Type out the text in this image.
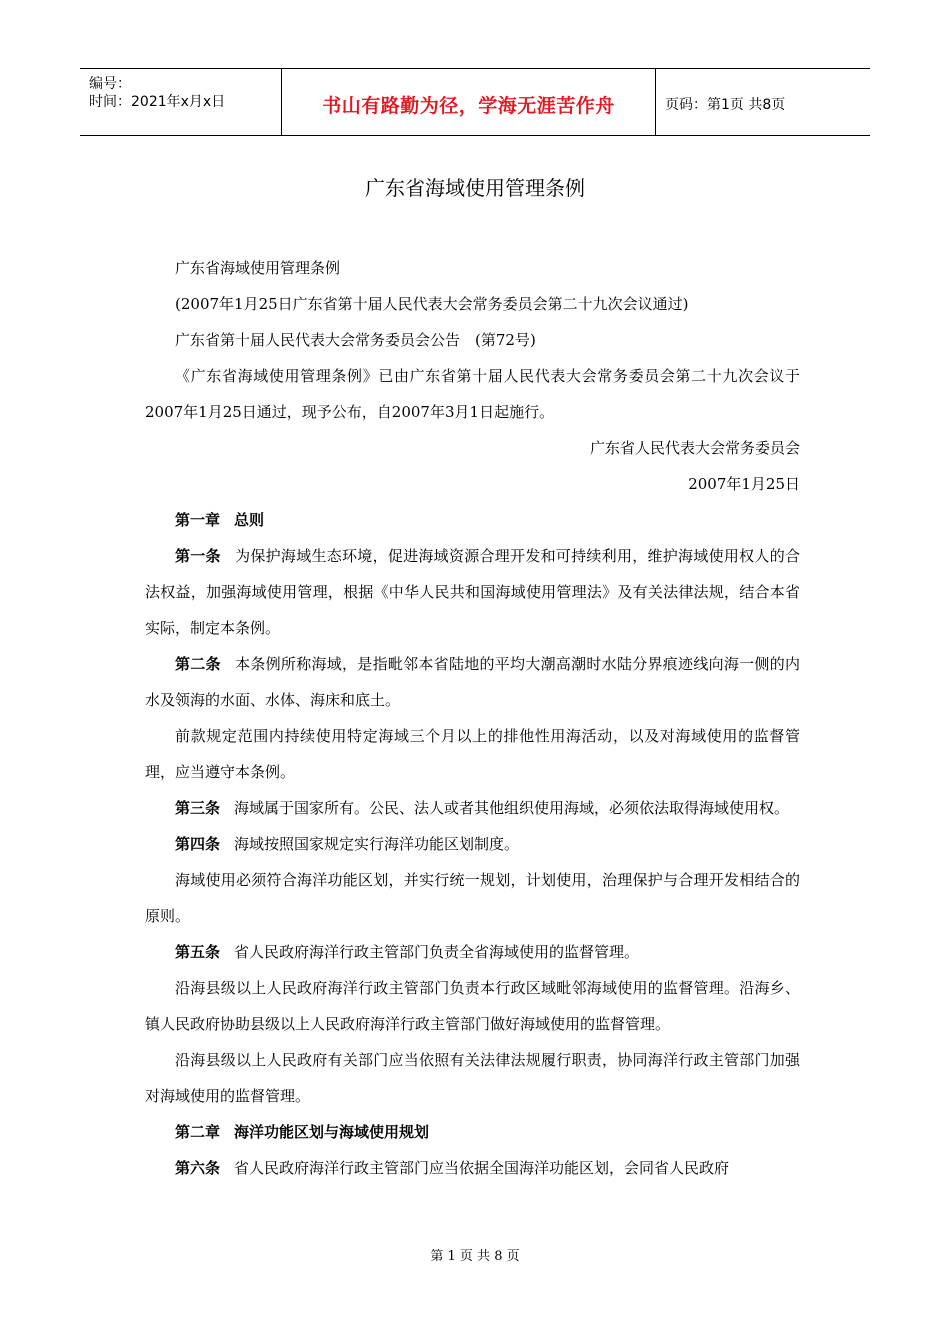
编号：
时间：2021年x月x日	书山有路勤为径，学海无涯苦作舟	页码：第1页 共8页
广东省海域使用管理条例

广东省海域使用管理条例

(2007年1月25日广东省第十届人民代表大会常务委员会第二十九次会议通过)

广东省第十届人民代表大会常务委员会公告　(第72号)

《广东省海域使用管理条例》已由广东省第十届人民代表大会常务委员会第二十九次会议于2007年1月25日通过，现予公布，自2007年3月1日起施行。

广东省人民代表大会常务委员会

2007年1月25日

第一章 总则

第一条 为保护海域生态环境，促进海域资源合理开发和可持续利用，维护海域使用权人的合法权益，加强海域使用管理，根据《中华人民共和国海域使用管理法》及有关法律法规，结合本省实际，制定本条例。

第二条 本条例所称海域，是指毗邻本省陆地的平均大潮高潮时水陆分界痕迹线向海一侧的内水及领海的水面、水体、海床和底土。

前款规定范围内持续使用特定海域三个月以上的排他性用海活动，以及对海域使用的监督管理，应当遵守本条例。

第三条 海域属于国家所有。公民、法人或者其他组织使用海域，必须依法取得海域使用权。

第四条 海域按照国家规定实行海洋功能区划制度。

海域使用必须符合海洋功能区划，并实行统一规划，计划使用，治理保护与合理开发相结合的原则。

第五条 省人民政府海洋行政主管部门负责全省海域使用的监督管理。

沿海县级以上人民政府海洋行政主管部门负责本行政区域毗邻海域使用的监督管理。沿海乡、镇人民政府协助县级以上人民政府海洋行政主管部门做好海域使用的监督管理。

沿海县级以上人民政府有关部门应当依照有关法律法规履行职责，协同海洋行政主管部门加强对海域使用的监督管理。

第二章 海洋功能区划与海域使用规划

第六条 省人民政府海洋行政主管部门应当依据全国海洋功能区划，会同省人民政府

第 1 页 共 8 页
